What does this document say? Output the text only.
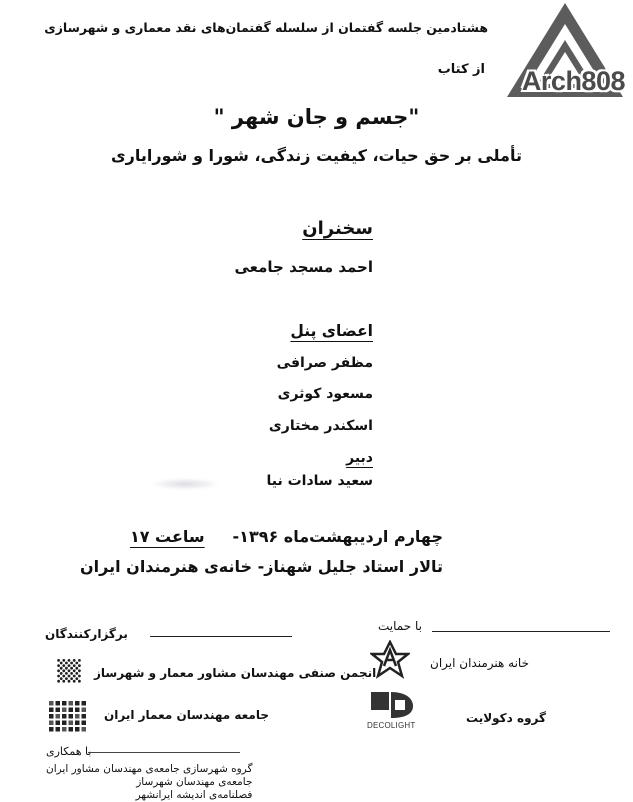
Arch808
هشتادمین جلسه گفتمان از سلسله گفتمان‌های نقد معماری و شهرسازی
از کتاب
"جسم و جان شهر "
تأملی بر حق حیات، کیفیت زندگی، شورا و شورایاری
سخنران
احمد مسجد جامعی
اعضای پنل
مظفر صرافی
مسعود کوثری
اسکندر مختاری
دبیر
سعید سادات نیا
چهارم اردیبهشت‌ماه ۱۳۹۶-     ساعت ۱۷
تالار استاد جلیل شهناز- خانه‌ی هنرمندان ایران
برگزارکنندگان
انجمن صنفی مهندسان مشاور معمار و شهرساز
جامعه مهندسان معمار ایران
با همکاری
گروه شهرسازی جامعه‌ی مهندسان مشاور ایران
جامعه‌ی مهندسان شهرساز
فصلنامه‌ی اندیشه ایرانشهر
با حمایت
خانه هنرمندان ایران
DECOLIGHT
گروه دکولایت
